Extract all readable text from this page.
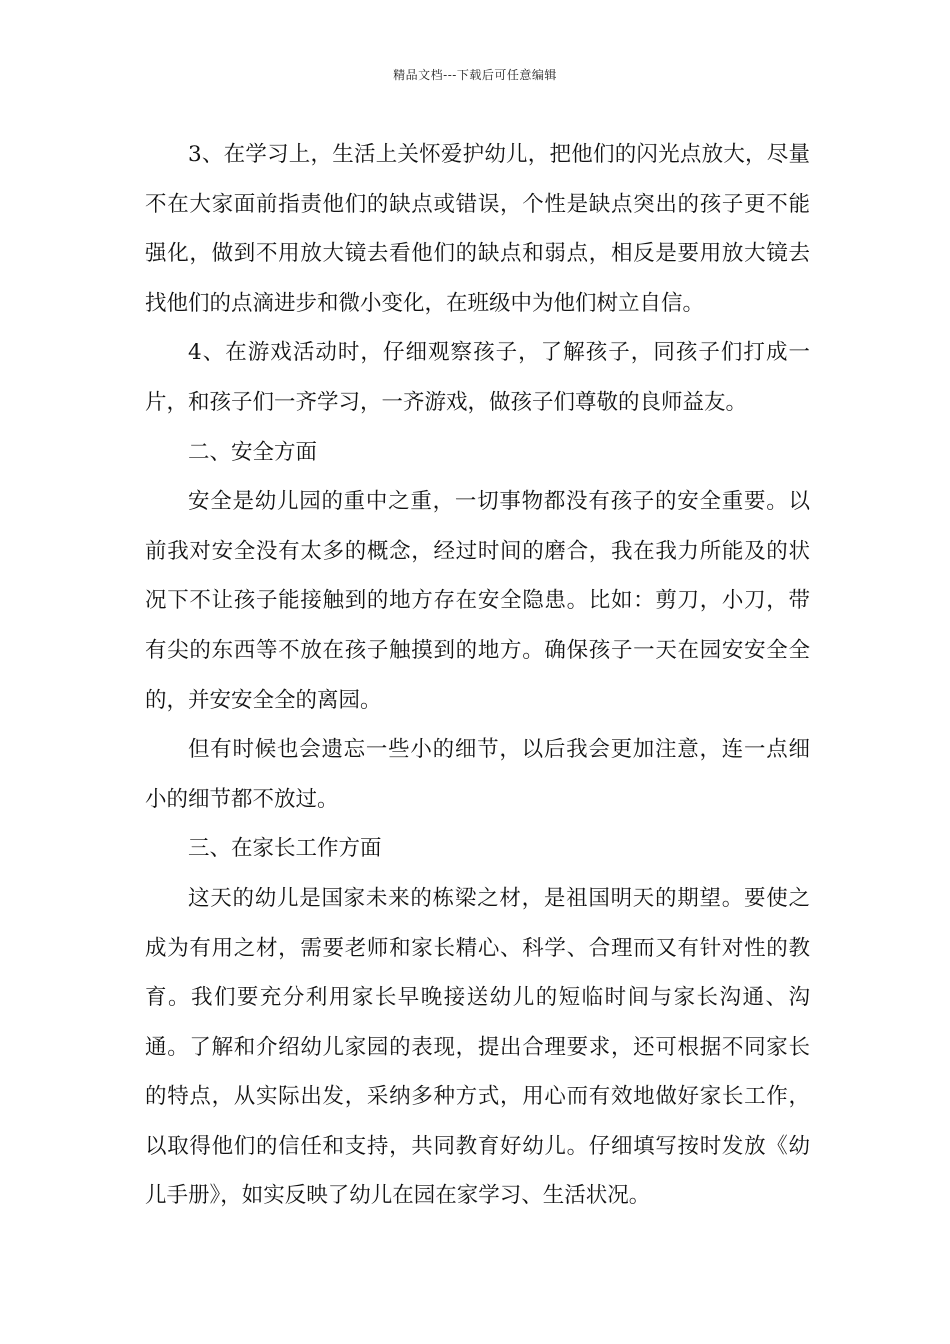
精品文档---下载后可任意编辑

3、在学习上，生活上关怀爱护幼儿，把他们的闪光点放大，尽量不在大家面前指责他们的缺点或错误，个性是缺点突出的孩子更不能强化，做到不用放大镜去看他们的缺点和弱点，相反是要用放大镜去找他们的点滴进步和微小变化，在班级中为他们树立自信。

4、在游戏活动时，仔细观察孩子，了解孩子，同孩子们打成一片，和孩子们一齐学习，一齐游戏，做孩子们尊敬的良师益友。

二、安全方面

安全是幼儿园的重中之重，一切事物都没有孩子的安全重要。以前我对安全没有太多的概念，经过时间的磨合，我在我力所能及的状况下不让孩子能接触到的地方存在安全隐患。比如：剪刀，小刀，带有尖的东西等不放在孩子触摸到的地方。确保孩子一天在园安安全全的，并安安全全的离园。

但有时候也会遗忘一些小的细节，以后我会更加注意，连一点细小的细节都不放过。

三、在家长工作方面

这天的幼儿是国家未来的栋梁之材，是祖国明天的期望。要使之成为有用之材，需要老师和家长精心、科学、合理而又有针对性的教育。我们要充分利用家长早晚接送幼儿的短临时间与家长沟通、沟通。了解和介绍幼儿家园的表现，提出合理要求，还可根据不同家长的特点，从实际出发，采纳多种方式，用心而有效地做好家长工作，以取得他们的信任和支持，共同教育好幼儿。仔细填写按时发放《幼儿手册》，如实反映了幼儿在园在家学习、生活状况。
